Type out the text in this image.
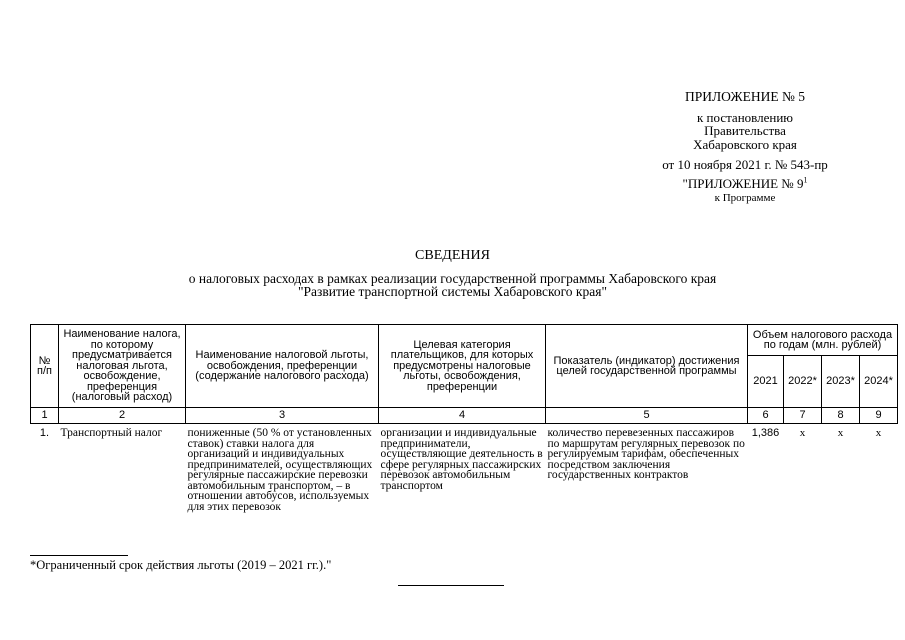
ПРИЛОЖЕНИЕ № 5
к постановлению
Правительства
Хабаровского края
от 10 ноября 2021 г. № 543-пр
"ПРИЛОЖЕНИЕ № $9^1$
к Программе
СВЕДЕНИЯ
о налоговых расходах в рамках реализации государственной программы Хабаровского края
"Развитие транспортной системы Хабаровского края"
№ п/п	Наименование налога, по которому предусматривается налоговая льгота, освобождение, преференция (налоговый расход)	Наименование налоговой льготы, освобождения, преференции (содержание налогового расхода)	Целевая категория плательщиков, для которых предусмотрены налоговые льготы, освобождения, преференции	Показатель (индикатор) достижения целей государственной программы	Объем налогового расхода по годам (млн. рублей)			
					2021	2022*	2023*	2024*
1	2	3	4	5	6	7	8	9
1.	Транспортный налог	пониженные (50 % от установленных ставок) ставки налога для организаций и индивидуальных предпринимателей, осуществляющих регулярные пассажирские перевозки автомобильным транспортом, – в отношении автобусов, используемых для этих перевозок	организации и индивидуальные предприниматели, осуществляющие деятельность в сфере регулярных пассажирских перевозок автомобильным транспортом	количество перевезенных пассажиров по маршрутам регулярных перевозок по регулируемым тарифам, обеспеченных посредством заключения государственных контрактов	1,386	х	х	х
*Ограниченный срок действия льготы (2019 – 2021 гг.)."
